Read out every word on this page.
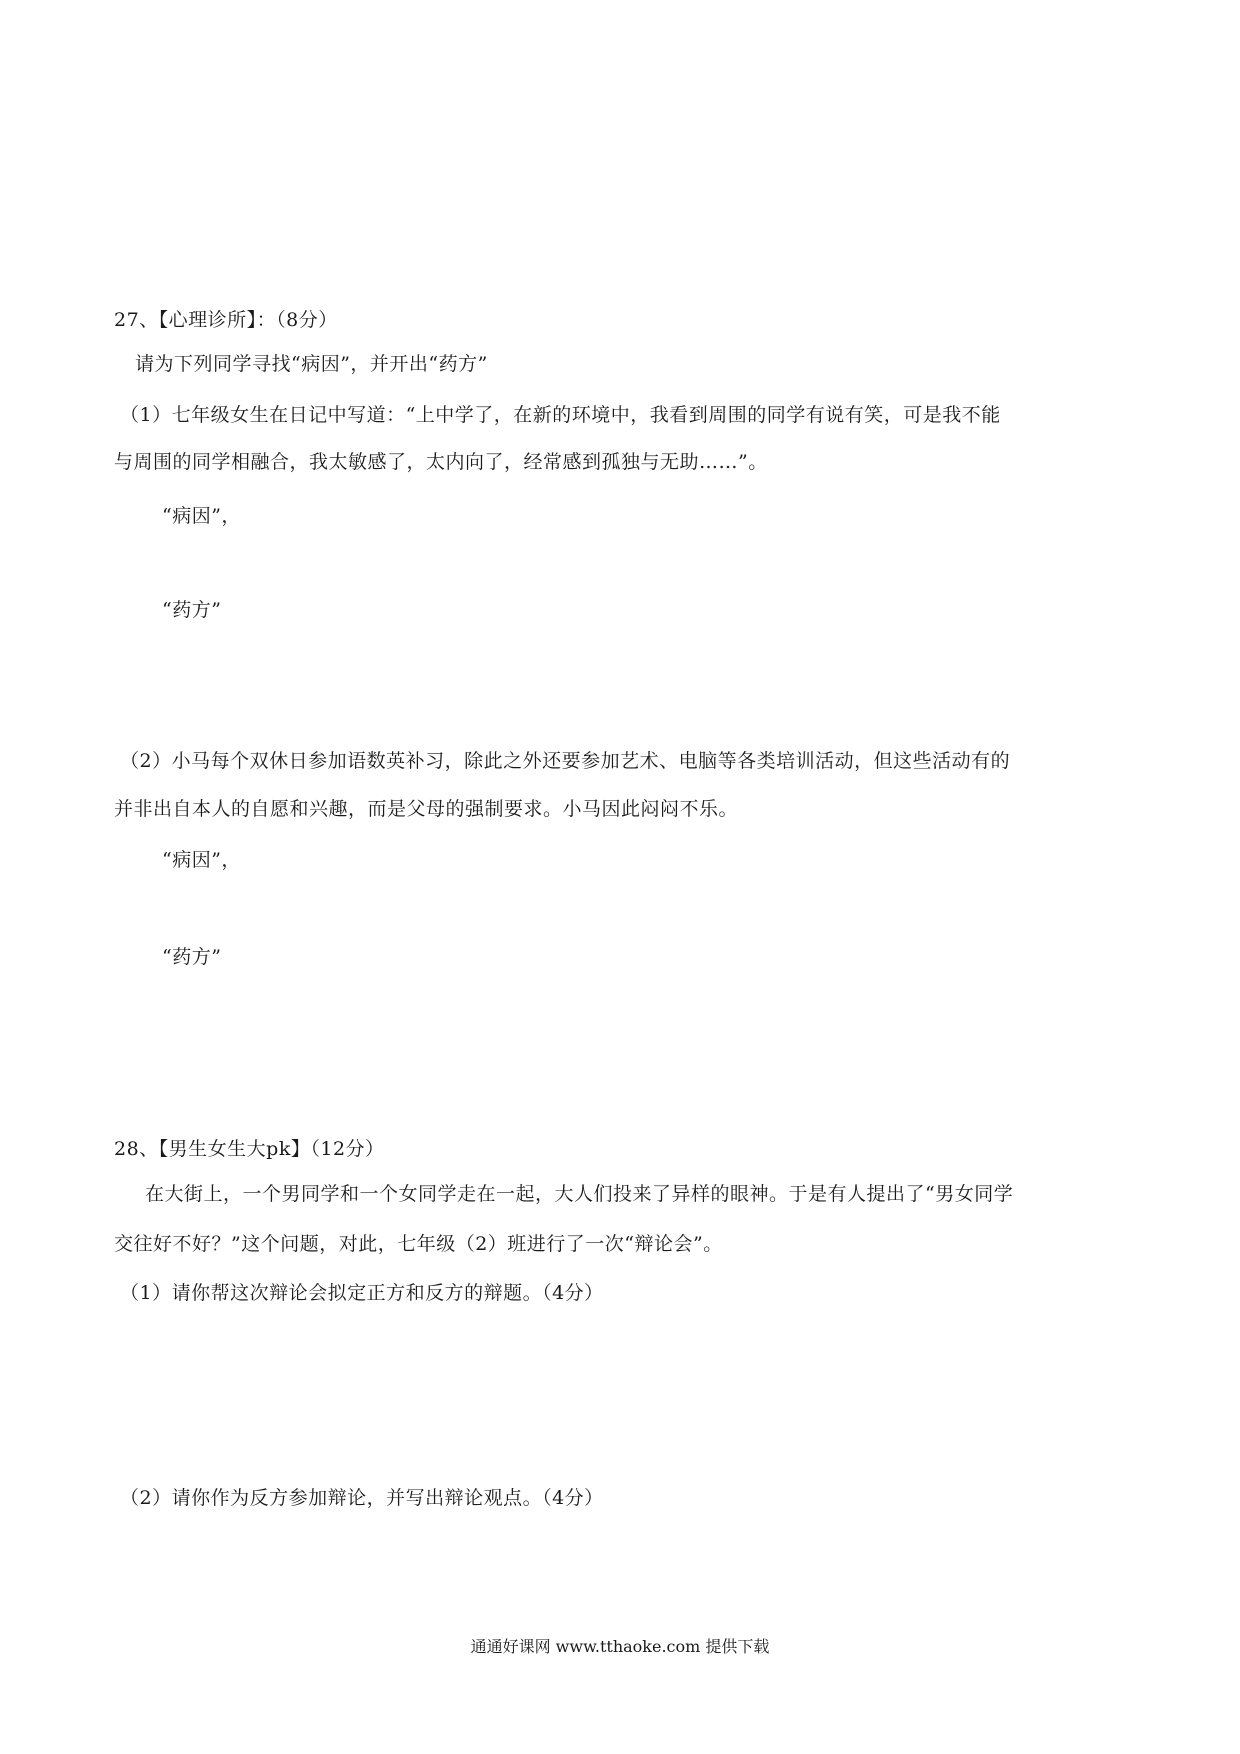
27、【心理诊所】：（8分）
请为下列同学寻找“病因”，并开出“药方”
（1）七年级女生在日记中写道：“上中学了，在新的环境中，我看到周围的同学有说有笑，可是我不能
与周围的同学相融合，我太敏感了，太内向了，经常感到孤独与无助……”。
“病因”，
“药方”
（2）小马每个双休日参加语数英补习，除此之外还要参加艺术、电脑等各类培训活动，但这些活动有的
并非出自本人的自愿和兴趣，而是父母的强制要求。小马因此闷闷不乐。
“病因”，
“药方”
28、【男生女生大pk】（12分）
在大街上，一个男同学和一个女同学走在一起，大人们投来了异样的眼神。于是有人提出了“男女同学
交往好不好？”这个问题，对此，七年级（2）班进行了一次“辩论会”。
（1）请你帮这次辩论会拟定正方和反方的辩题。（4分）
（2）请你作为反方参加辩论，并写出辩论观点。（4分）
通通好课网 www.tthaoke.com 提供下载
